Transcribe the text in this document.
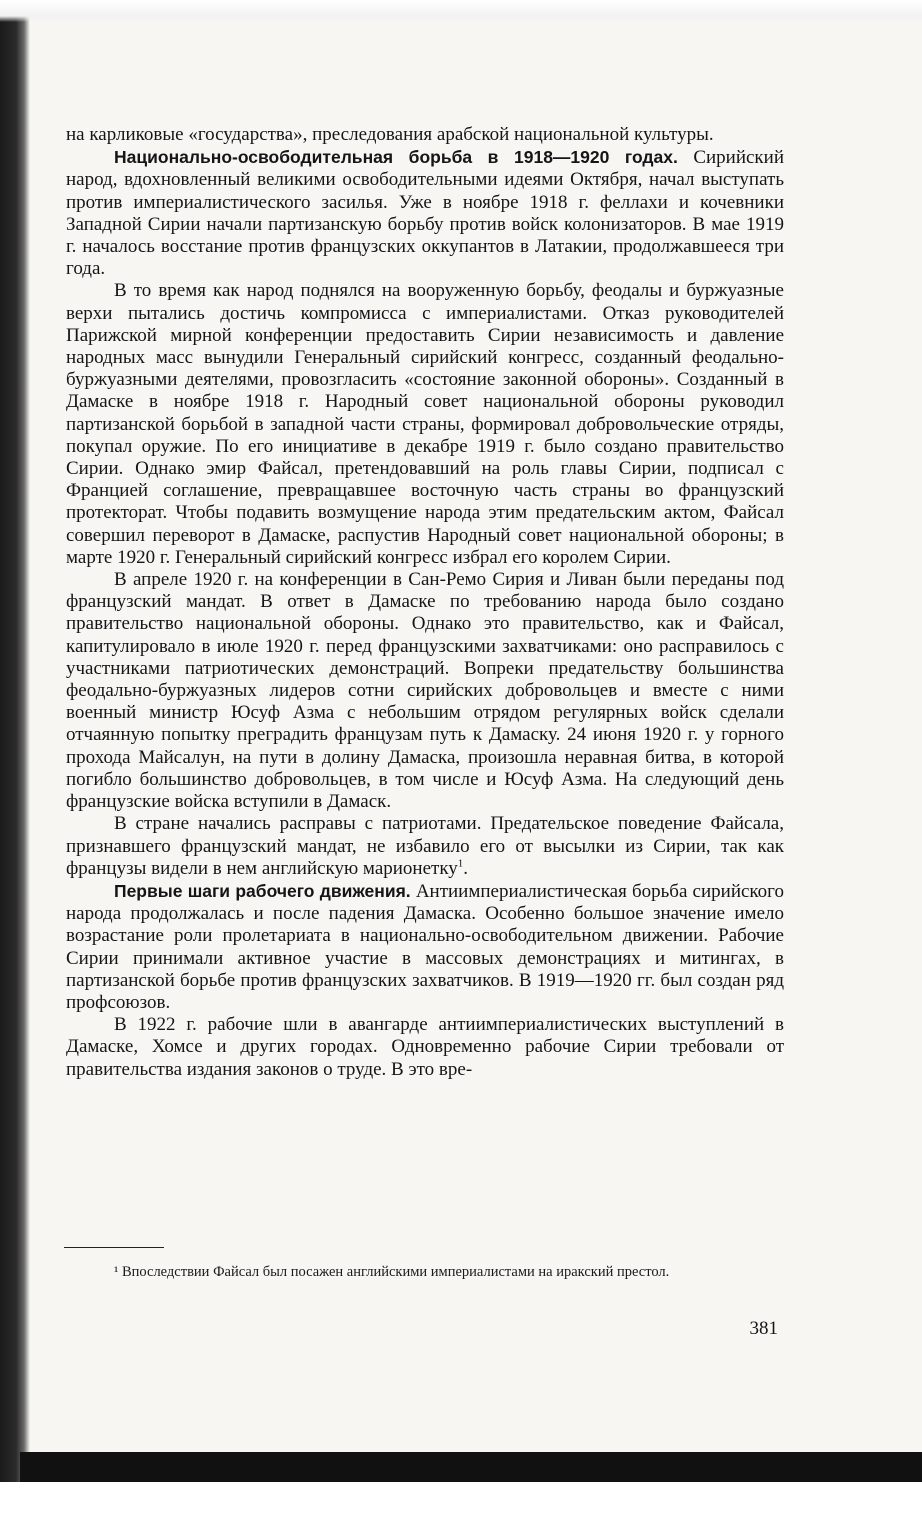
на карликовые «государства», преследования арабской национальной культуры.

Национально-освободительная борьба в 1918—1920 годах. Сирийский народ, вдохновленный великими освободительными идеями Октября, начал выступать против империалистического засилья. Уже в ноябре 1918 г. феллахи и кочевники Западной Сирии начали партизанскую борьбу против войск колонизаторов. В мае 1919 г. началось восстание против французских оккупантов в Латакии, продолжавшееся три года.

В то время как народ поднялся на вооруженную борьбу, феодалы и буржуазные верхи пытались достичь компромисса с империалистами. Отказ руководителей Парижской мирной конференции предоставить Сирии независимость и давление народных масс вынудили Генеральный сирийский конгресс, созданный феодально-буржуазными деятелями, провозгласить «состояние законной обороны». Созданный в Дамаске в ноябре 1918 г. Народный совет национальной обороны руководил партизанской борьбой в западной части страны, формировал добровольческие отряды, покупал оружие. По его инициативе в декабре 1919 г. было создано правительство Сирии. Однако эмир Файсал, претендовавший на роль главы Сирии, подписал с Францией соглашение, превращавшее восточную часть страны во французский протекторат. Чтобы подавить возмущение народа этим предательским актом, Файсал совершил переворот в Дамаске, распустив Народный совет национальной обороны; в марте 1920 г. Генеральный сирийский конгресс избрал его королем Сирии.

В апреле 1920 г. на конференции в Сан-Ремо Сирия и Ливан были переданы под французский мандат. В ответ в Дамаске по требованию народа было создано правительство национальной обороны. Однако это правительство, как и Файсал, капитулировало в июле 1920 г. перед французскими захватчиками: оно расправилось с участниками патриотических демонстраций. Вопреки предательству большинства феодально-буржуазных лидеров сотни сирийских добровольцев и вместе с ними военный министр Юсуф Азма с небольшим отрядом регулярных войск сделали отчаянную попытку преградить французам путь к Дамаску. 24 июня 1920 г. у горного прохода Майсалун, на пути в долину Дамаска, произошла неравная битва, в которой погибло большинство добровольцев, в том числе и Юсуф Азма. На следующий день французские войска вступили в Дамаск.

В стране начались расправы с патриотами. Предательское поведение Файсала, признавшего французский мандат, не избавило его от высылки из Сирии, так как французы видели в нем английскую марионетку$^1$.

Первые шаги рабочего движения. Антиимпериалистическая борьба сирийского народа продолжалась и после падения Дамаска. Особенно большое значение имело возрастание роли пролетариата в национально-освободительном движении. Рабочие Сирии принимали активное участие в массовых демонстрациях и митингах, в партизанской борьбе против французских захватчиков. В 1919—1920 гг. был создан ряд профсоюзов.

В 1922 г. рабочие шли в авангарде антиимпериалистических выступлений в Дамаске, Хомсе и других городах. Одновременно рабочие Сирии требовали от правительства издания законов о труде. В это вре-

¹ Впоследствии Файсал был посажен английскими империалистами на иракский престол.
381
